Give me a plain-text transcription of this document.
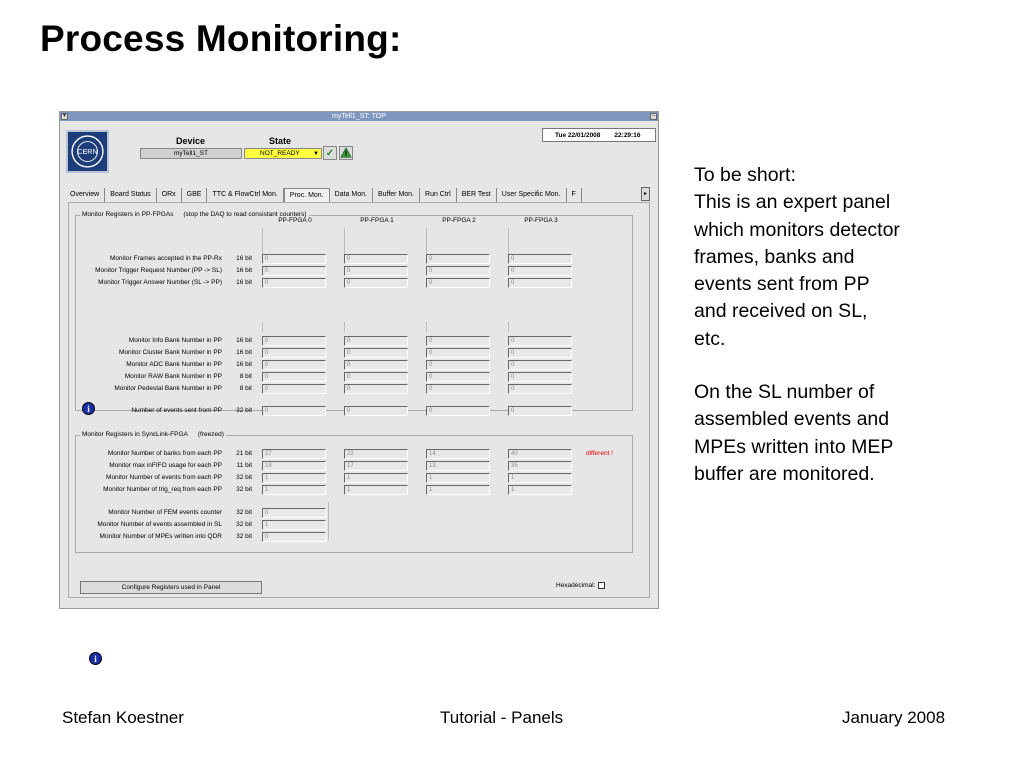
Process Monitoring:
▾	myTell1_ST: TOP	–
CERN
Device	State
myTell1_ST	NOT_READY ▼ ✓
Tue 22/01/2008 22:29:16
Overview	Board Status	ORx	GBE	TTC & FlowCtrl Mon.	Proc. Mon.	Data Mon.	Buffer Mon.	Run Ctrl	BER Test	User Specific Mon.	F	▸
Monitor Registers in PP-FPGAs (stop the DAQ to read consistant counters)
PP-FPGA 0	PP-FPGA 1	PP-FPGA 2	PP-FPGA 3
Monitor Frames accepted in the PP-Rx	16 bit	0	0	0	0
Monitor Trigger Request Number (PP -> SL)	16 bit	0	0	0	0
Monitor Trigger Answer Number (SL -> PP)	16 bit	0	0	0	0
Monitor Info Bank Number in PP	16 bit	0	0	0	0
Monitor Cluster Bank Number in PP	16 bit	0	0	0	0
Monitor ADC Bank Number in PP	16 bit	0	0	0	0
Monitor RAW Bank Number in PP	8 bit	0	0	0	0
Monitor Pedestal Bank Number in PP	8 bit	0	0	0	0
i	Number of events sent from PP	32 bit	0	0	0	0
Monitor Registers in SyncLink-FPGA (freezed)
Monitor Number of banks from each PP	21 bit	27	22	14	40	different !
Monitor max inFIFO usage for each PP	11 bit	18	17	13	35
Monitor Number of events from each PP	32 bit	1	1	1	1
Monitor Number of trig_req from each PP	32 bit	1	1	1	1
Monitor Number of FEM events counter	32 bit	0
Monitor Number of events assembled in SL	32 bit	1
Monitor Number of MPEs written into QDR	32 bit	0
i
Configure Registers used in Panel	Hexadecimal:

To be short:
This is an expert panel
which monitors detector
frames, banks and
events sent from PP
and received on SL,
etc.

On the SL number of
assembled events and
MPEs written into MEP
buffer are monitored.

Stefan Koestner	Tutorial - Panels	January 2008
